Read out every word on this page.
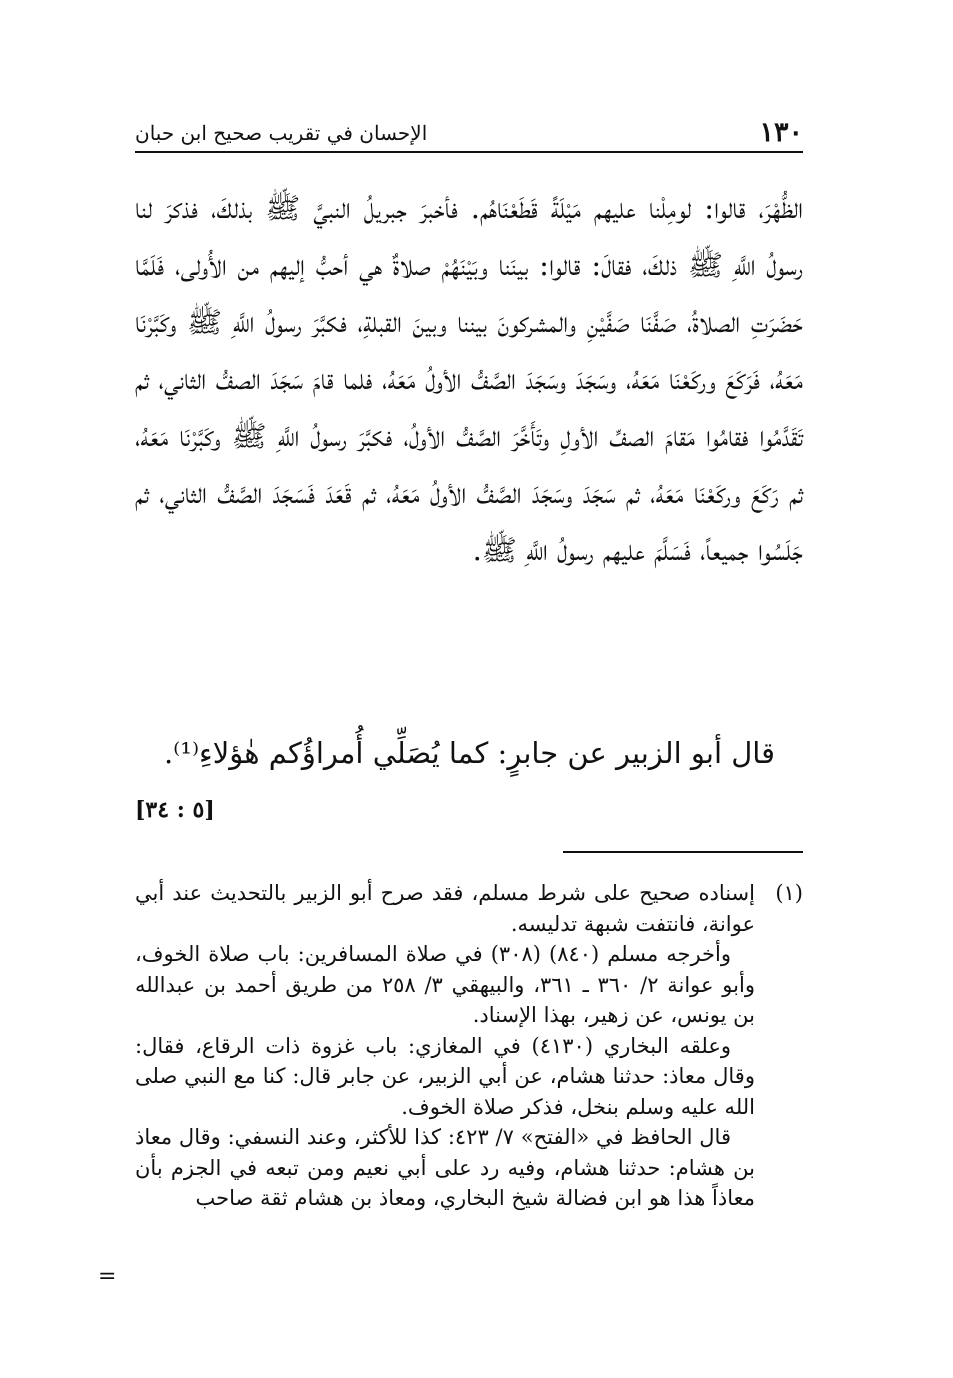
١٣٠
الإحسان في تقريب صحيح ابن حبان

الظُّهْرَ، قالوا: لومِلْنا عليهم مَيْلَةً قَطَعْنَاهُم. فأخبرَ جبريلُ النبيَّ ﷺ بذلكَ، فذكرَ لنا رسولُ اللَّهِ ﷺ ذلكَ، فقالَ: قالوا: بينَنا وبَيْنَهُمْ صلاةٌ هي أحبُّ إليهم من الأُولى، فَلَمَّا حَضَرَتِ الصلاةُ، صَفَّنَا صَفَّيْنِ والمشركونَ بيننا وبينَ القبلةِ، فكبَّرَ رسولُ اللَّهِ ﷺ وكَبَّرْنَا مَعَهُ، فَرَكَعَ وركَعْنَا مَعَهُ، وسَجَدَ وسَجَدَ الصَّفُّ الأولُ مَعَهُ، فلما قامَ سَجَدَ الصفُّ الثاني، ثم تَقَدَّمُوا فقامُوا مَقامَ الصفِّ الأولِ وتَأَخَّرَ الصَّفُّ الأولُ، فكبَّرَ رسولُ اللَّهِ ﷺ وكَبَّرْنَا مَعَهُ، ثم رَكَعَ وركَعْنَا مَعَهُ، ثم سَجَدَ وسَجَدَ الصَّفُّ الأولُ مَعَهُ، ثم قَعَدَ فَسَجَدَ الصَّفُّ الثاني، ثم جَلَسُوا جميعاً، فَسَلَّمَ عليهم رسولُ اللَّهِ ﷺ.

قال أبو الزبير عن جابرٍ: كما يُصَلِّي أُمراؤُكم هٰؤلاءِ⁽¹⁾.
[٥ : ٣٤]

(١)
إسناده صحيح على شرط مسلم، فقد صرح أبو الزبير بالتحديث عند أبي عوانة، فانتفت شبهة تدليسه.

وأخرجه مسلم (٨٤٠) (٣٠٨) في صلاة المسافرين: باب صلاة الخوف، وأبو عوانة ٢/ ٣٦٠ ـ ٣٦١، والبيهقي ٣/ ٢٥٨ من طريق أحمد بن عبدالله بن يونس، عن زهير، بهذا الإسناد.

وعلقه البخاري (٤١٣٠) في المغازي: باب غزوة ذات الرقاع، فقال: وقال معاذ: حدثنا هشام، عن أبي الزبير، عن جابر قال: كنا مع النبي صلى الله عليه وسلم بنخل، فذكر صلاة الخوف.

قال الحافظ في «الفتح» ٧/ ٤٢٣: كذا للأكثر، وعند النسفي: وقال معاذ بن هشام: حدثنا هشام، وفيه رد على أبي نعيم ومن تبعه في الجزم بأن معاذاً هذا هو ابن فضالة شيخ البخاري، ومعاذ بن هشام ثقة صاحب

=
